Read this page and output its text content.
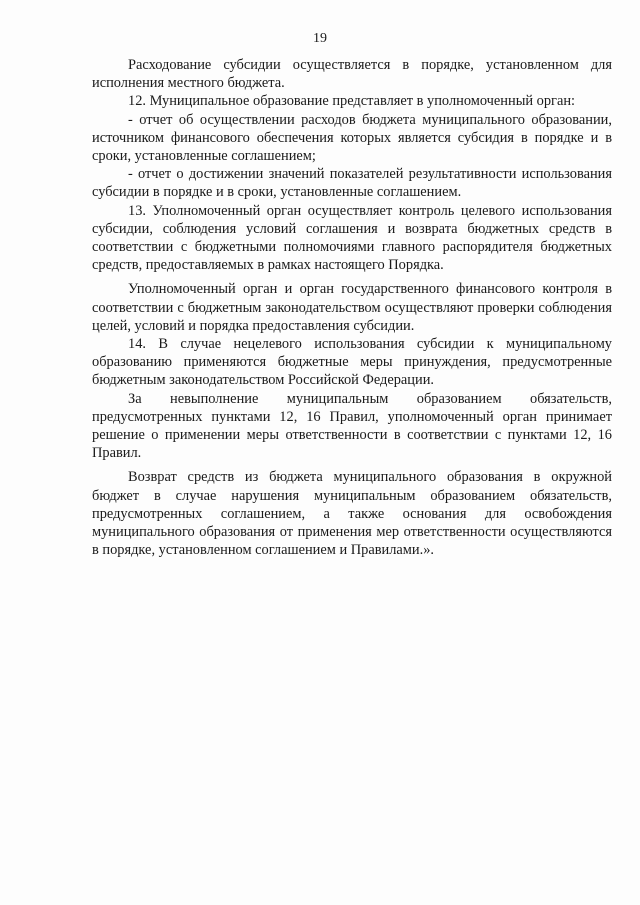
19

Расходование субсидии осуществляется в порядке, установленном для исполнения местного бюджета.

12. Муниципальное образование представляет в уполномоченный орган:

- отчет об осуществлении расходов бюджета муниципального образовании, источником финансового обеспечения которых является субсидия в порядке и в сроки, установленные соглашением;

- отчет о достижении значений показателей результативности использования субсидии в порядке и в сроки, установленные соглашением.

13. Уполномоченный орган осуществляет контроль целевого использования субсидии, соблюдения условий соглашения и возврата бюджетных средств в соответствии с бюджетными полномочиями главного распорядителя бюджетных средств, предоставляемых в рамках настоящего Порядка.

Уполномоченный орган и орган государственного финансового контроля в соответствии с бюджетным законодательством осуществляют проверки соблюдения целей, условий и порядка предоставления субсидии.

14. В случае нецелевого использования субсидии к муниципальному образованию применяются бюджетные меры принуждения, предусмотренные бюджетным законодательством Российской Федерации.

За невыполнение муниципальным образованием обязательств, предусмотренных пунктами 12, 16 Правил, уполномоченный орган принимает решение о применении меры ответственности в соответствии с пунктами 12, 16 Правил.

Возврат средств из бюджета муниципального образования в окружной бюджет в случае нарушения муниципальным образованием обязательств, предусмотренных соглашением, а также основания для освобождения муниципального образования от применения мер ответственности осуществляются в порядке, установленном соглашением и Правилами.».
